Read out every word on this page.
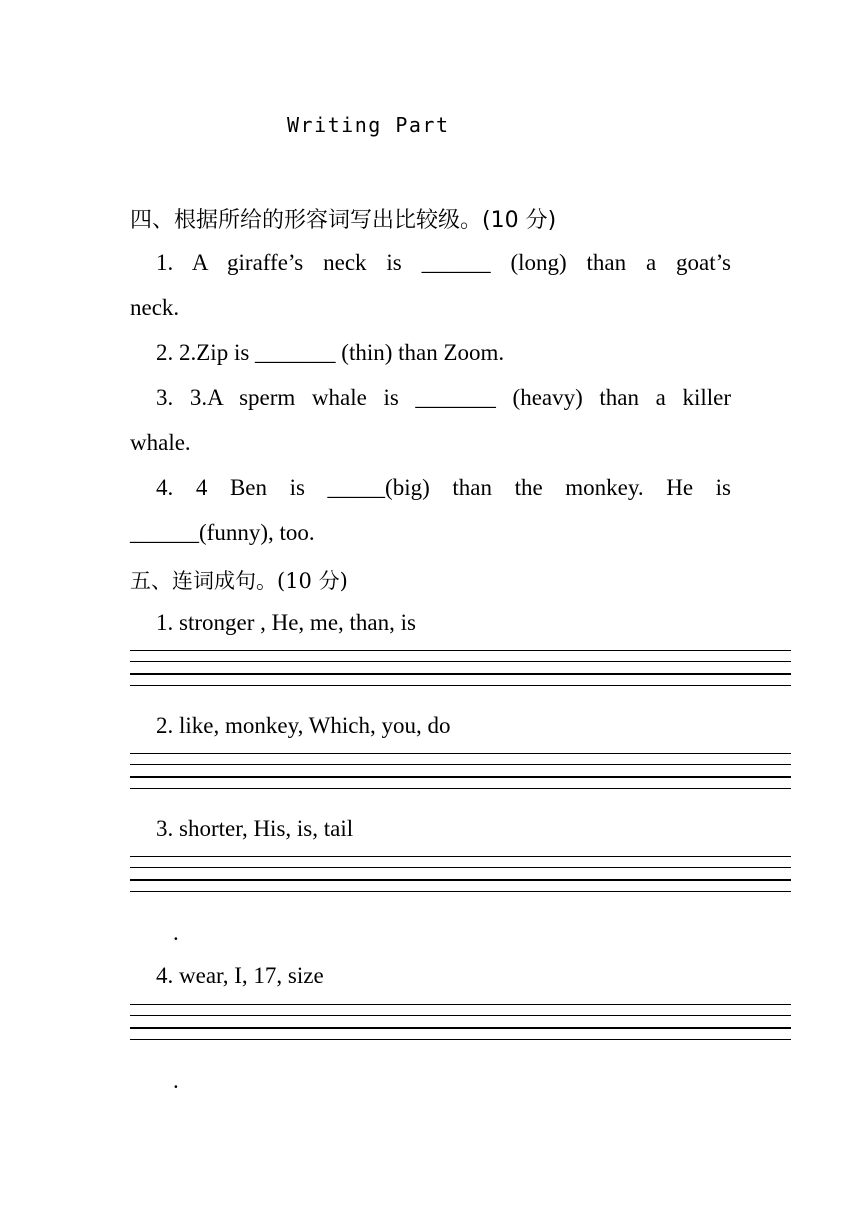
Writing Part
四、根据所给的形容词写出比较级。(10 分)
1. A giraffe’s neck is ______ (long) than a goat’s
neck.
2. 2.Zip is _______ (thin) than Zoom.
3. 3.A sperm whale is _______ (heavy) than a killer
whale.
4. 4 Ben is _____(big) than the monkey. He is
______(funny), too.
五、连词成句。(10 分)
1. stronger , He, me, than, is
2. like, monkey, Which, you, do
3. shorter, His, is, tail
.
4. wear, I, 17, size
.
